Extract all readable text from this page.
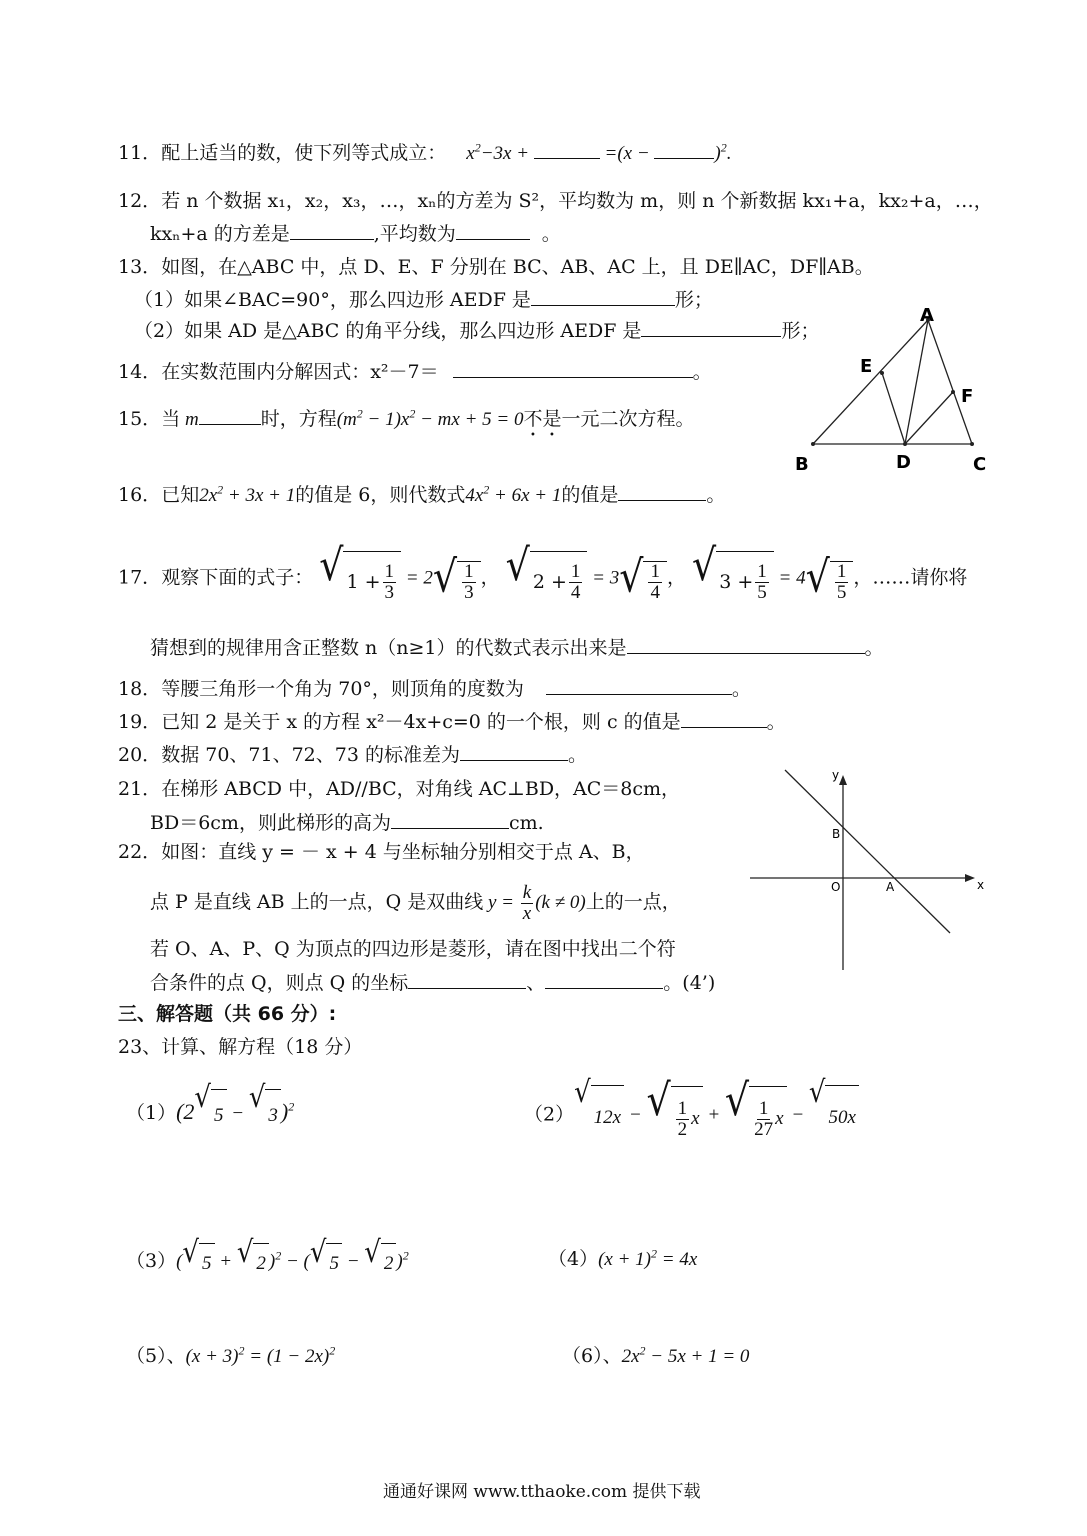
11．配上适当的数，使下列等式成立： $x^2-3x$ +	=(x −	)$^2$.
12．若 n 个数据 x₁，x₂，x₃，…，xₙ的方差为 S²，平均数为 m，则 n 个新数据 kx₁+a，kx₂+a，…，
kxₙ+a 的方差是	,平均数为	。
13．如图，在△ABC 中，点 D、E、F 分别在 BC、AB、AC 上，且 DE∥AC，DF∥AB。
（1）如果∠BAC=90°，那么四边形 AEDF 是	形；
（2）如果 AD 是△ABC 的角平分线，那么四边形 AEDF 是	形；
A
B	C
D
E
F
14．在实数范围内分解因式：x²－7＝	。
15．当 m	时，方程$(m^2 - 1)x^2$ − mx + 5 = 0不是一元二次方程。
16．已知$2x^2 + 3x + 1$的值是 6，则代数式$4x^2 + 6x + 1$的值是	。
17．观察下面的式子： √ $1 + \frac{1}{3} = 2$ √ $\frac{1}{3}$ ， √ $2 + \frac{1}{4} = 3$ √ $\frac{1}{4}$ ， √ $3 + \frac{1}{5} = 4$ √ $\frac{1}{5}$ ，……请你将
猜想到的规律用含正整数 n（n≥1）的代数式表示出来是	。
18．等腰三角形一个角为 70°，则顶角的度数为	。
19．已知 2 是关于 x 的方程 x²－4x+c=0 的一个根，则 c 的值是	。
20．数据 70、71、72、73 的标准差为	。
21．在梯形 ABCD 中，AD//BC，对角线 AC⊥BD，AC＝8cm，
BD＝6cm，则此梯形的高为	cm.
22．如图：直线 y = － x + 4 与坐标轴分别相交于点 A、B，
点 P 是直线 AB 上的一点，Q 是双曲线 $y = \frac{k}{x} (k \ne 0)$上的一点，
若 O、A、P、Q 为顶点的四边形是菱形，请在图中找出二个符
合条件的点 Q，则点 Q 的坐标	、	。(4’)
y
x
O	A
B
三、解答题（共 66 分）:
23、计算、解方程（18 分）
（1）(2 √
5 − √
3 )$^2$	（2）
√
12x − √ $\frac{1}{2}$ x + √ $\frac{1}{27}$ x −
√
50x
（3）( √ 5 + √ 2 )$^2$ − ( √ 5 − √ 2 )$^2$	$(4)(x + 1)^2 = 4x$
（5）、$(x + 3)^2 = (1 - 2x)^2$	（6）、$2x^2 - 5x + 1 = 0$
通通好课网 www.tthaoke.com 提供下载
